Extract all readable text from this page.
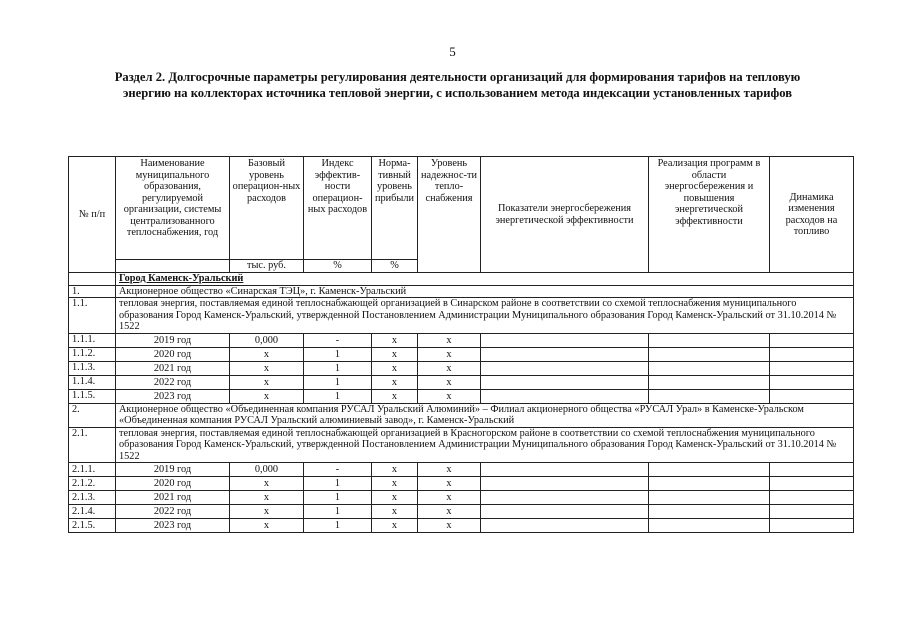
5
Раздел 2. Долгосрочные параметры регулирования деятельности организаций для формирования тарифов на тепловую энергию на коллекторах источника тепловой энергии, с использованием метода индексации установленных тарифов
№ п/п	Наименование муниципального образования, регулируемой организации, системы централизованного теплоснабжения, год	Базовый уровень операцион-ных расходов	Индекс эффектив-ности операцион-ных расходов	Норма-тивный уровень прибыли	Уровень надежнос-ти тепло-снабжения	Показатели энергосбережения энергетической эффективности	Реализация программ в области энергосбережения и повышения энергетической эффективности	Динамика изменения расходов на топливо
		тыс. руб.	%	%				
	Город Каменск-Уральский							
1.	Акционерное общество «Синарская ТЭЦ», г. Каменск-Уральский							
1.1.	тепловая энергия, поставляемая единой теплоснабжающей организацией в Синарском районе в соответствии со схемой теплоснабжения муниципального образования Город Каменск-Уральский, утвержденной Постановлением Администрации Муниципального образования Город Каменск-Уральский от 31.10.2014 № 1522							
1.1.1.	2019 год	0,000	-	x	x			
1.1.2.	2020 год	x	1	x	x			
1.1.3.	2021 год	x	1	x	x			
1.1.4.	2022 год	x	1	x	x			
1.1.5.	2023 год	x	1	x	x			
2.	Акционерное общество «Объединенная компания РУСАЛ Уральский Алюминий» – Филиал акционерного общества «РУСАЛ Урал» в Каменске-Уральском «Объединенная компания РУСАЛ Уральский алюминиевый завод», г. Каменск-Уральский							
2.1.	тепловая энергия, поставляемая единой теплоснабжающей организацией в Красногорском районе в соответствии со схемой теплоснабжения муниципального образования Город Каменск-Уральский, утвержденной Постановлением Администрации Муниципального образования Город Каменск-Уральский от 31.10.2014 № 1522							
2.1.1.	2019 год	0,000	-	x	x			
2.1.2.	2020 год	x	1	x	x			
2.1.3.	2021 год	x	1	x	x			
2.1.4.	2022 год	x	1	x	x			
2.1.5.	2023 год	x	1	x	x			
